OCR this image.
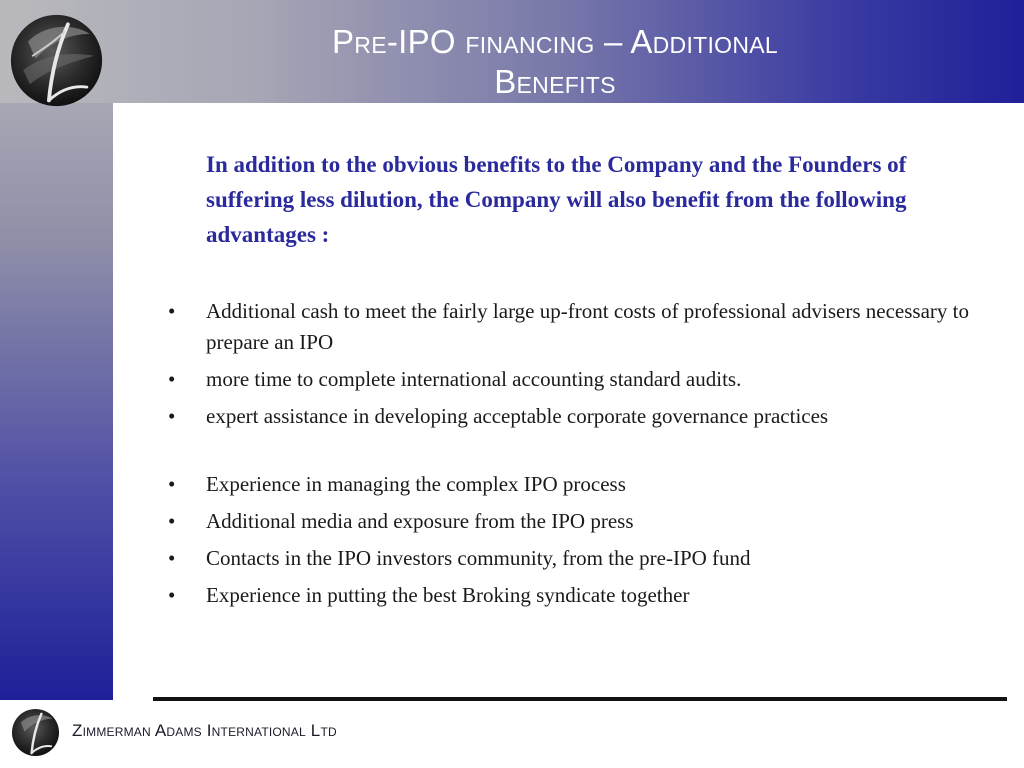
Pre-IPO financing – Additional
Benefits

In addition to the obvious benefits to the Company and the Founders of suffering less dilution, the Company will also benefit from the following advantages :

• Additional cash to meet the fairly large up-front costs of professional advisers necessary to prepare an IPO
• more time to complete international accounting standard audits.
• expert assistance in developing acceptable corporate governance practices
• Experience in managing the complex IPO process
• Additional media and exposure from the IPO press
• Contacts in the IPO investors community, from the pre-IPO fund
• Experience in putting the best Broking syndicate together

Zimmerman Adams International Ltd
